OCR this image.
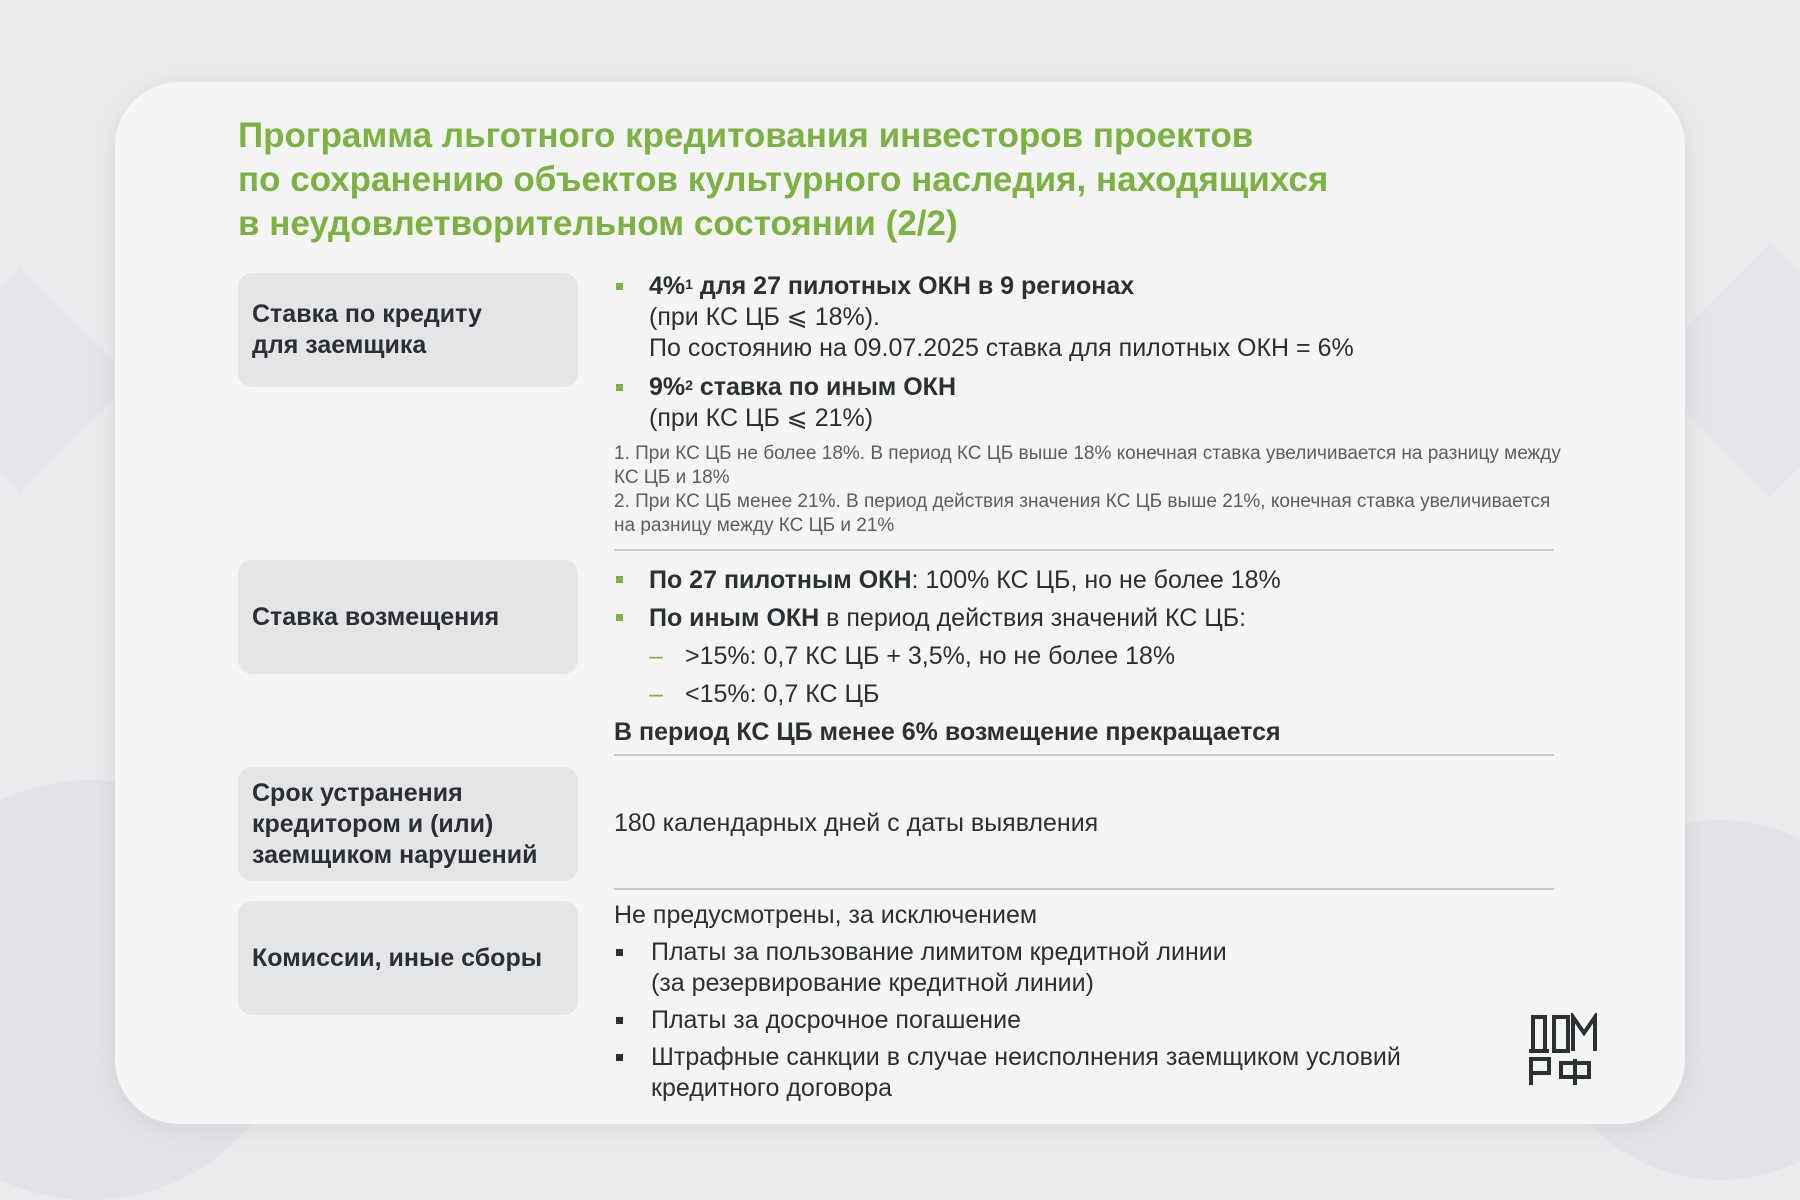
Программа льготного кредитования инвесторов проектов
по сохранению объектов культурного наследия, находящихся
в неудовлетворительном состоянии (2/2)
Ставка по кредиту
для заемщика
4%$^1$ для 27 пилотных ОКН в 9 регионах
(при КС ЦБ ⩽ 18%).
По состоянию на 09.07.2025 ставка для пилотных ОКН = 6%
9%$^2$ ставка по иным ОКН
(при КС ЦБ ⩽ 21%)

1. При КС ЦБ не более 18%. В период КС ЦБ выше 18% конечная ставка увеличивается на разницу между КС ЦБ и 18%

2. При КС ЦБ менее 21%. В период действия значения КС ЦБ выше 21%, конечная ставка увеличивается на разницу между КС ЦБ и 21%

Ставка возмещения
По 27 пилотным ОКН: 100% КС ЦБ, но не более 18%
По иным ОКН в период действия значений КС ЦБ:
– >15%: 0,7 КС ЦБ + 3,5%, но не более 18%
– <15%: 0,7 КС ЦБ
В период КС ЦБ менее 6% возмещение прекращается
Срок устранения
кредитором и (или)
заемщиком нарушений
180 календарных дней с даты выявления
Комиссии, иные сборы
Не предусмотрены, за исключением
Платы за пользование лимитом кредитной линии
(за резервирование кредитной линии)
Платы за досрочное погашение
Штрафные санкции в случае неисполнения заемщиком условий
кредитного договора
